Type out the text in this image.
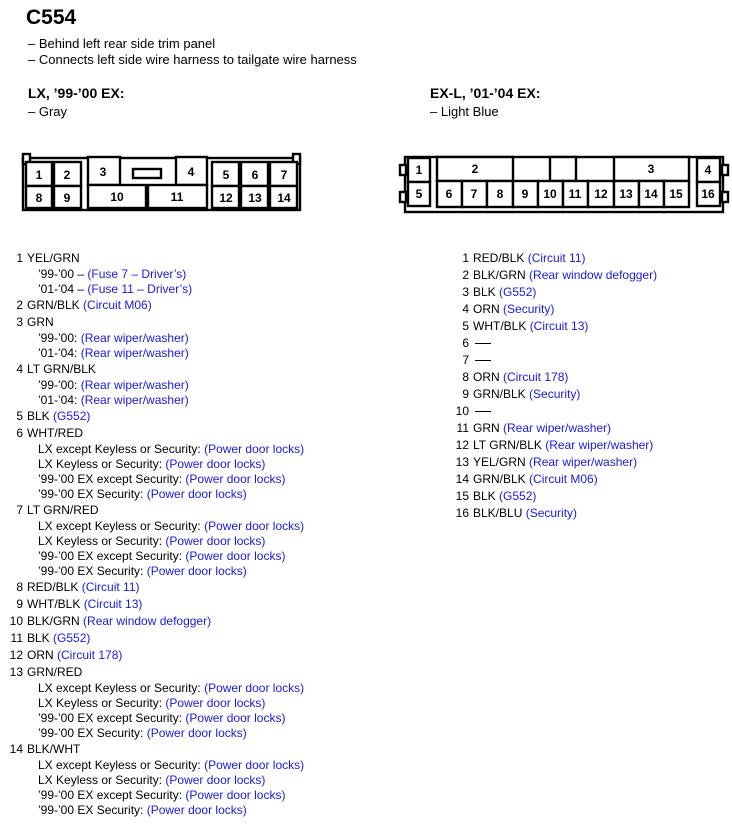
C554
– Behind left rear side trim panel
– Connects left side wire harness to tailgate wire harness
LX, ’99-’00 EX:
– Gray
EX-L, ’01-’04 EX:
– Light Blue
1 2 3	4 5 6 7
8 9	10	11	12 13 14
1	2	3	4
5 6 7 8 9 10 11 12 13 14 15 16
1 YEL/GRN
’99-’00 – (Fuse 7 – Driver’s)
’01-’04 – (Fuse 11 – Driver’s)
2 GRN/BLK (Circuit M06)
3 GRN
’99-’00: (Rear wiper/washer)
’01-’04: (Rear wiper/washer)
4 LT GRN/BLK
’99-’00: (Rear wiper/washer)
’01-’04: (Rear wiper/washer)
5 BLK (G552)
6 WHT/RED
LX except Keyless or Security: (Power door locks)
LX Keyless or Security: (Power door locks)
’99-’00 EX except Security: (Power door locks)
’99-’00 EX Security: (Power door locks)
7 LT GRN/RED
LX except Keyless or Security: (Power door locks)
LX Keyless or Security: (Power door locks)
’99-’00 EX except Security: (Power door locks)
’99-’00 EX Security: (Power door locks)
8 RED/BLK (Circuit 11)
9 WHT/BLK (Circuit 13)
10 BLK/GRN (Rear window defogger)
11 BLK (G552)
12 ORN (Circuit 178)
13 GRN/RED
LX except Keyless or Security: (Power door locks)
LX Keyless or Security: (Power door locks)
’99-’00 EX except Security: (Power door locks)
’99-’00 EX Security: (Power door locks)
14 BLK/WHT
LX except Keyless or Security: (Power door locks)
LX Keyless or Security: (Power door locks)
’99-’00 EX except Security: (Power door locks)
’99-’00 EX Security: (Power door locks)
1 RED/BLK (Circuit 11)
2 BLK/GRN (Rear window defogger)
3 BLK (G552)
4 ORN (Security)
5 WHT/BLK (Circuit 13)
6
7
8 ORN (Circuit 178)
9 GRN/BLK (Security)
10
11 GRN (Rear wiper/washer)
12 LT GRN/BLK (Rear wiper/washer)
13 YEL/GRN (Rear wiper/washer)
14 GRN/BLK (Circuit M06)
15 BLK (G552)
16 BLK/BLU (Security)
